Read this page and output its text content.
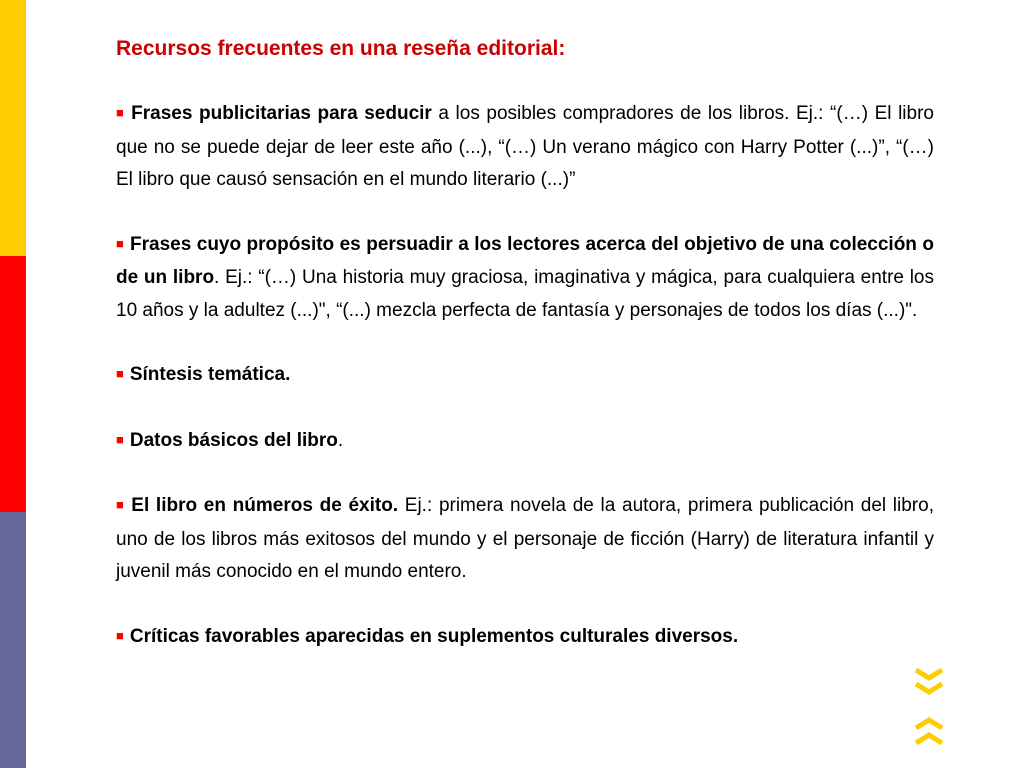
Recursos frecuentes en una reseña editorial:

■ Frases publicitarias para seducir a los posibles compradores de los libros. Ej.: “(…) El libro que no se puede dejar de leer este año (...), “(…) Un verano mágico con Harry Potter (...)”, “(…) El libro que causó sensación en el mundo literario (...)”

■ Frases cuyo propósito es persuadir a los lectores acerca del objetivo de una colección o de un libro. Ej.: “(…) Una historia muy graciosa, imaginativa y mágica, para cualquiera entre los 10 años y la adultez (...)", “(...) mezcla perfecta de fantasía y personajes de todos los días (...)".

■ Síntesis temática.

■ Datos básicos del libro.

■ El libro en números de éxito. Ej.: primera novela de la autora, primera publicación del libro, uno de los libros más exitosos del mundo y el personaje de ficción (Harry) de literatura infantil y juvenil más conocido en el mundo entero.

■ Críticas favorables aparecidas en suplementos culturales diversos.
